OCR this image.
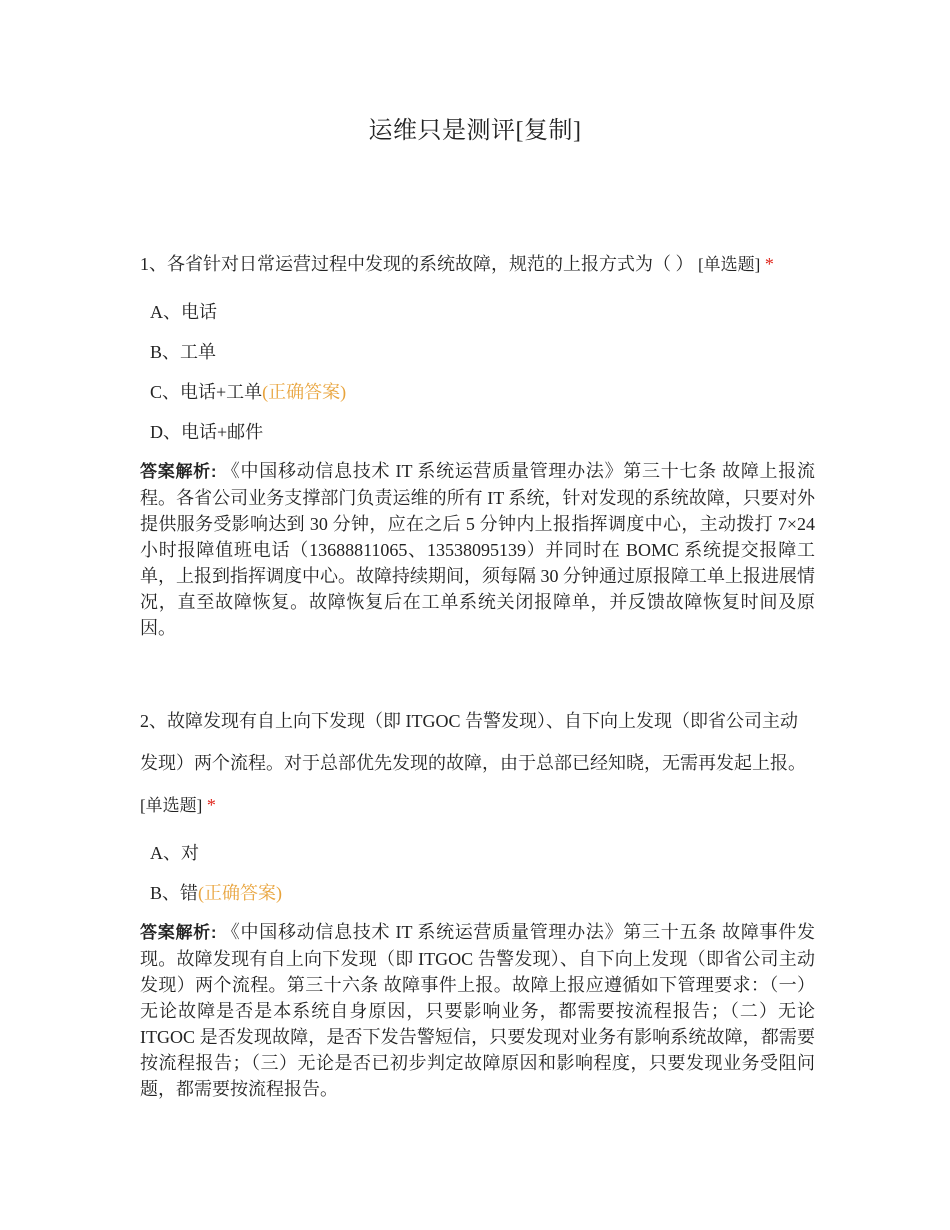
运维只是测评[复制]
1、各省针对日常运营过程中发现的系统故障，规范的上报方式为（ ） [单选题] *
A、电话
B、工单
C、电话+工单(正确答案)
D、电话+邮件
答案解析: 《中国移动信息技术 IT 系统运营质量管理办法》第三十七条 故障上报流程。各省公司业务支撑部门负责运维的所有 IT 系统，针对发现的系统故障，只要对外提供服务受影响达到 30 分钟，应在之后 5 分钟内上报指挥调度中心，主动拨打 7×24 小时报障值班电话（13688811065、13538095139）并同时在 BOMC 系统提交报障工单，上报到指挥调度中心。故障持续期间，须每隔 30 分钟通过原报障工单上报进展情况，直至故障恢复。故障恢复后在工单系统关闭报障单，并反馈故障恢复时间及原因。
2、故障发现有自上向下发现（即 ITGOC 告警发现）、自下向上发现（即省公司主动发现）两个流程。对于总部优先发现的故障，由于总部已经知晓，无需再发起上报。 [单选题] *
A、对
B、错(正确答案)
答案解析: 《中国移动信息技术 IT 系统运营质量管理办法》第三十五条 故障事件发现。故障发现有自上向下发现（即 ITGOC 告警发现）、自下向上发现（即省公司主动发现）两个流程。第三十六条 故障事件上报。故障上报应遵循如下管理要求：（一）无论故障是否是本系统自身原因，只要影响业务，都需要按流程报告；（二）无论 ITGOC 是否发现故障，是否下发告警短信，只要发现对业务有影响系统故障，都需要按流程报告；（三）无论是否已初步判定故障原因和影响程度，只要发现业务受阻问题，都需要按流程报告。
